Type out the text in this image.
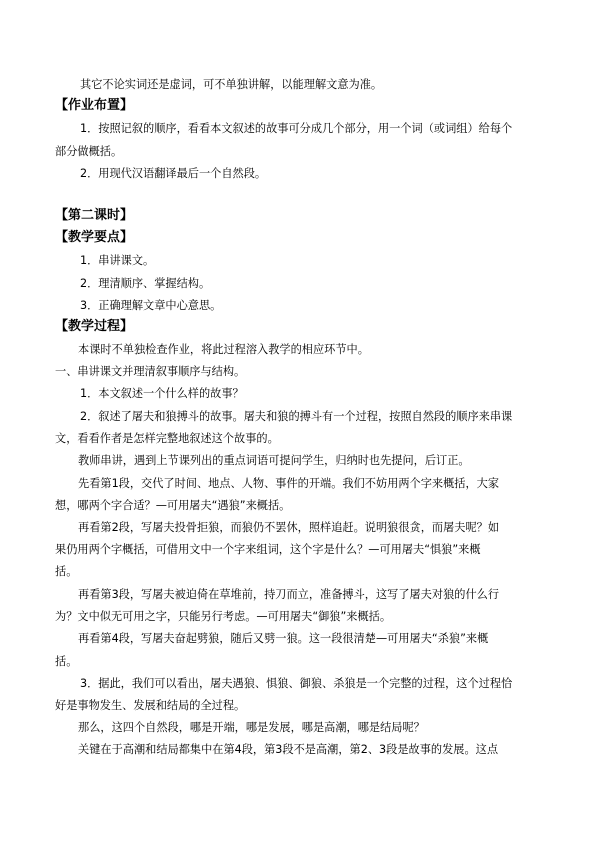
其它不论实词还是虚词，可不单独讲解，以能理解文意为准。
【作业布置】
1．按照记叙的顺序，看看本文叙述的故事可分成几个部分，用一个词（或词组）给每个
部分做概括。
2．用现代汉语翻译最后一个自然段。
【第二课时】
【教学要点】
1．串讲课文。
2．理清顺序、掌握结构。
3．正确理解文章中心意思。
【教学过程】
本课时不单独检查作业，将此过程溶入教学的相应环节中。
一、串讲课文并理清叙事顺序与结构。
1．本文叙述一个什么样的故事？
2．叙述了屠夫和狼搏斗的故事。屠夫和狼的搏斗有一个过程，按照自然段的顺序来串课
文，看看作者是怎样完整地叙述这个故事的。
教师串讲，遇到上节课列出的重点词语可提问学生，归纳时也先提问，后订正。
先看第1段，交代了时间、地点、人物、事件的开端。我们不妨用两个字来概括，大家
想，哪两个字合适？—可用屠夫“遇狼”来概括。
再看第2段，写屠夫投骨拒狼，而狼仍不罢休，照样追赶。说明狼很贪，而屠夫呢？如
果仍用两个字概括，可借用文中一个字来组词，这个字是什么？—可用屠夫“惧狼”来概
括。
再看第3段，写屠夫被迫倚在草堆前，持刀而立，准备搏斗，这写了屠夫对狼的什么行
为？文中似无可用之字，只能另行考虑。—可用屠夫“御狼”来概括。
再看第4段，写屠夫奋起劈狼，随后又劈一狼。这一段很清楚—可用屠夫“杀狼”来概
括。
3．据此，我们可以看出，屠夫遇狼、惧狼、御狼、杀狼是一个完整的过程，这个过程恰
好是事物发生、发展和结局的全过程。
那么，这四个自然段，哪是开端，哪是发展，哪是高潮，哪是结局呢？
关键在于高潮和结局都集中在第4段，第3段不是高潮，第2、3段是故事的发展。这点
